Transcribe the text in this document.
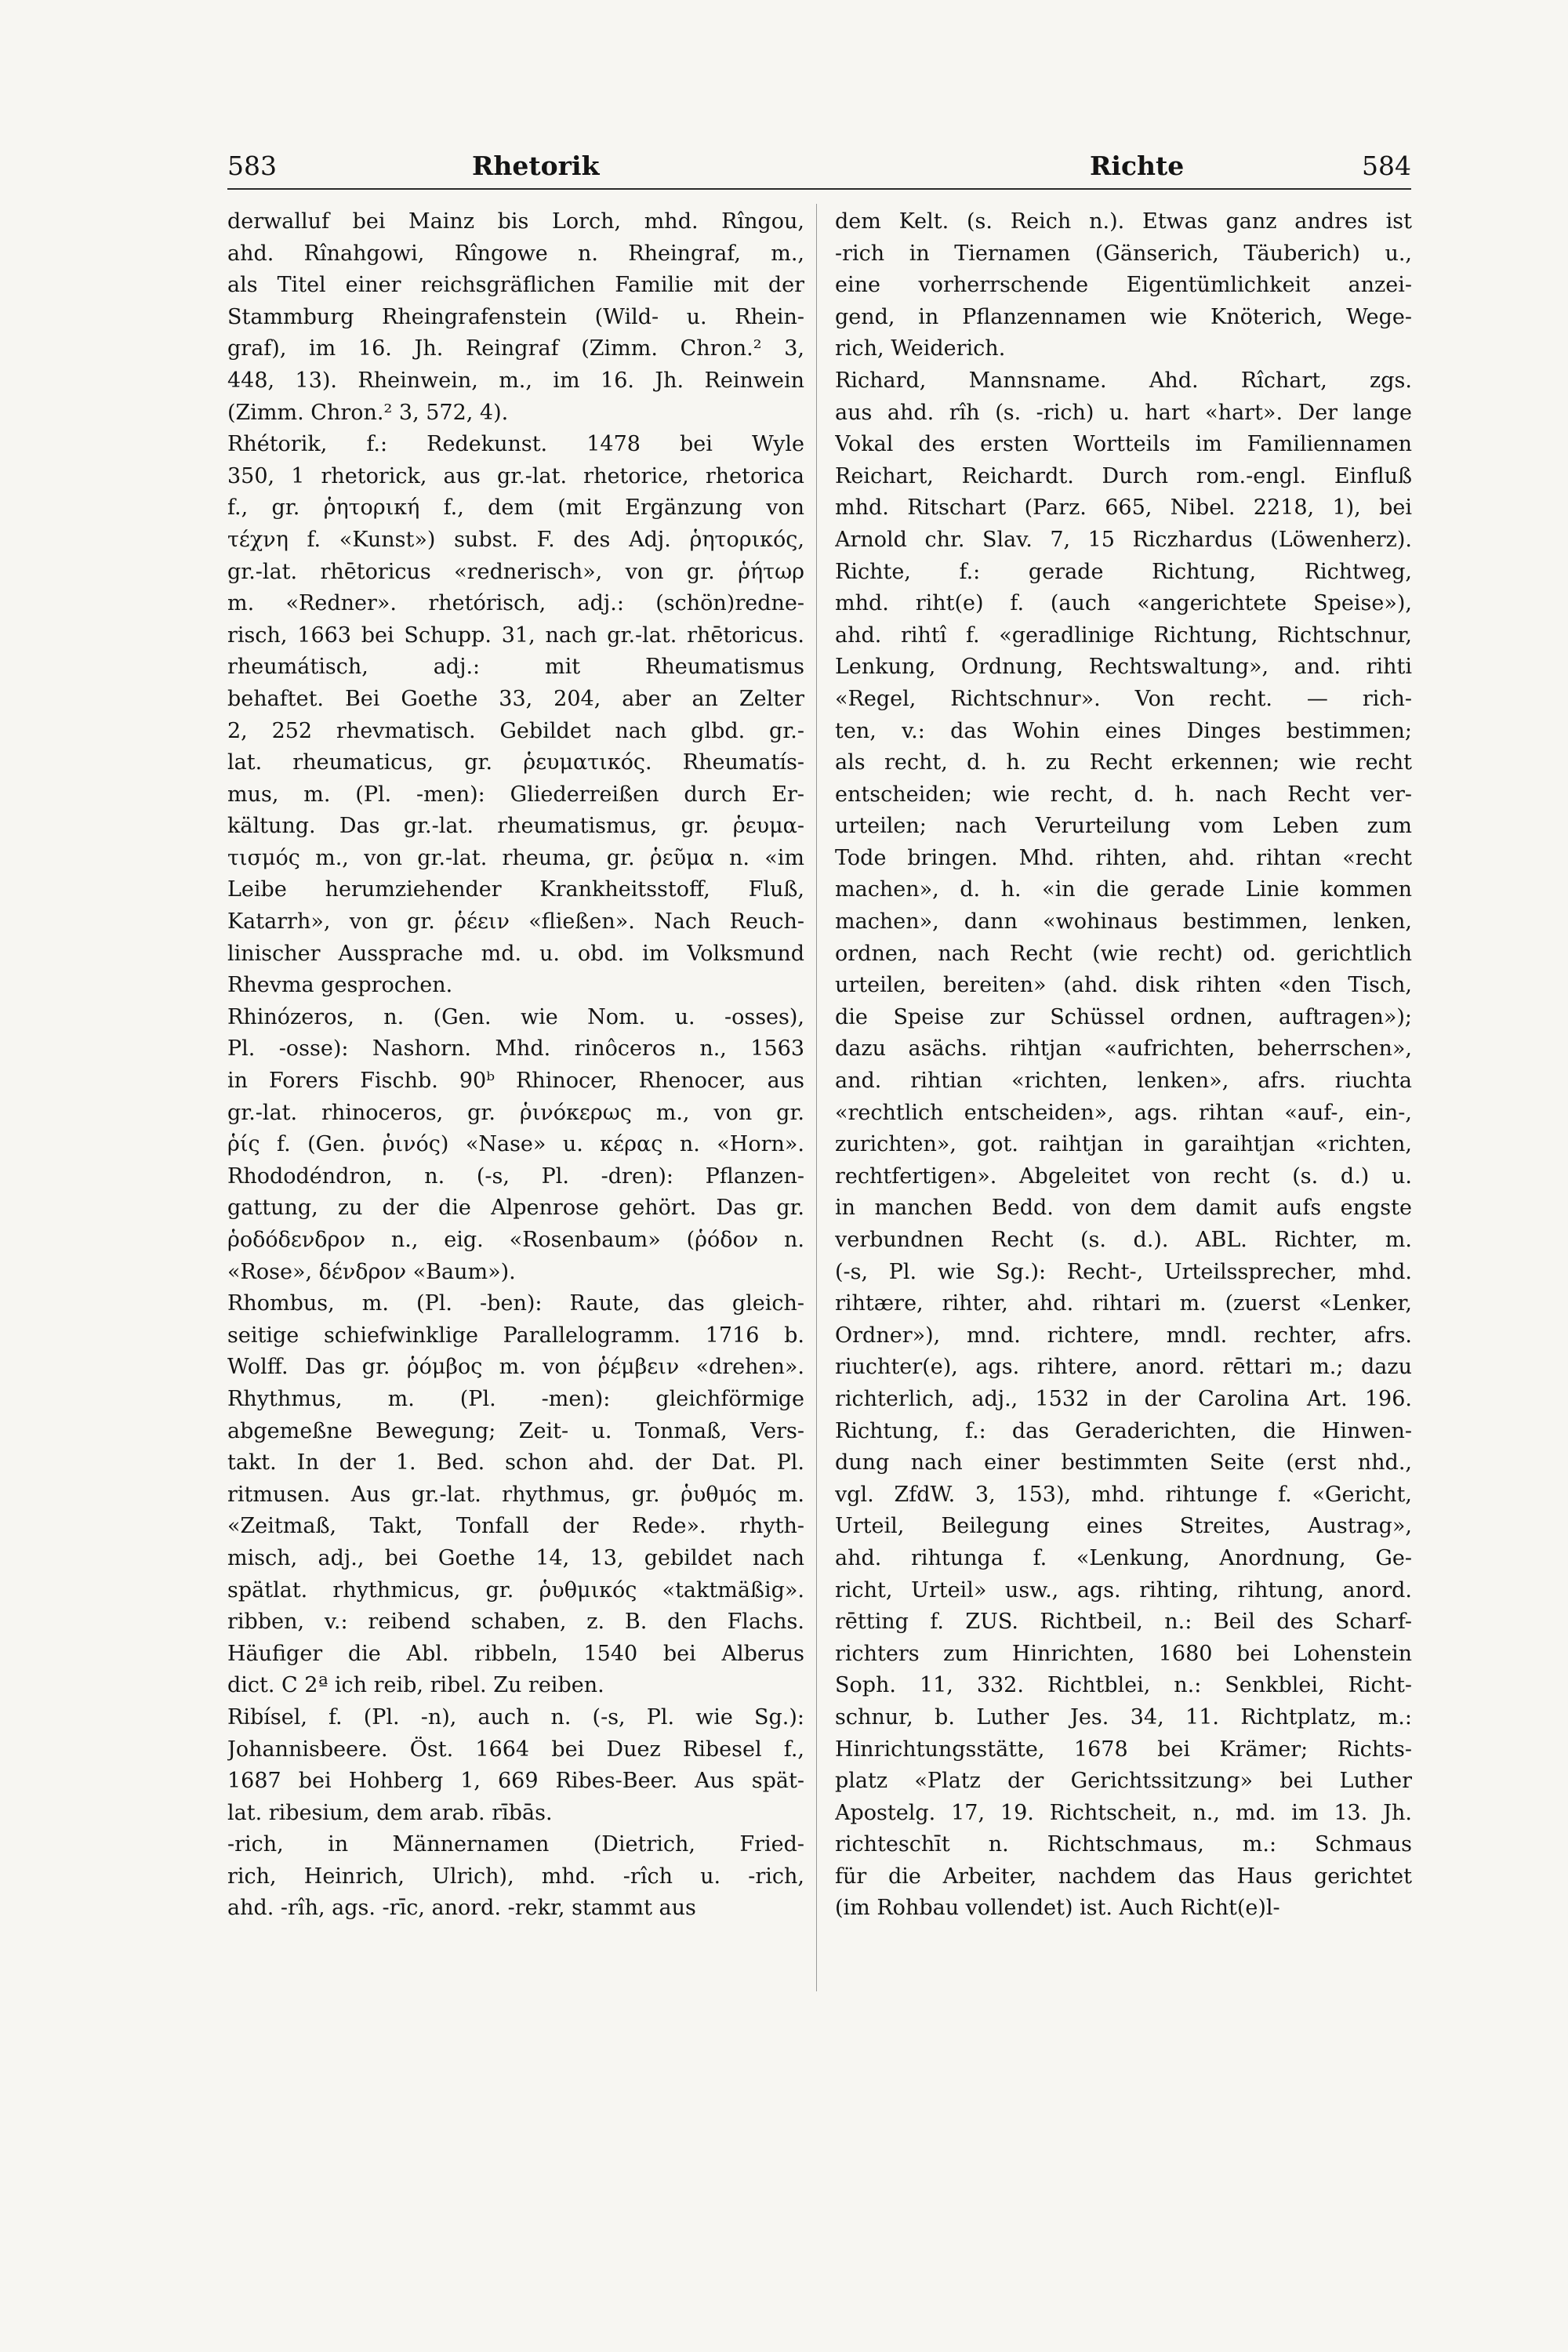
583	Rhetorik	Richte	584
derwalluf bei Mainz bis Lorch, mhd. Rîngou,
ahd. Rînahgowi, Rîngowe n. Rheingraf, m.,
als Titel einer reichsgräflichen Familie mit der
Stammburg Rheingrafenstein (Wild- u. Rhein-
graf), im 16. Jh. Reingraf (Zimm. Chron.² 3,
448, 13). Rheinwein, m., im 16. Jh. Reinwein
(Zimm. Chron.² 3, 572, 4).
Rhétorik, f.: Redekunst. 1478 bei Wyle
350, 1 rhetorick, aus gr.-lat. rhetorice, rhetorica
f., gr. ῥητορική f., dem (mit Ergänzung von
τέχνη f. «Kunst») subst. F. des Adj. ῥητορικός,
gr.-lat. rhētoricus «rednerisch», von gr. ῥήτωρ
m. «Redner». rhetórisch, adj.: (schön)redne-
risch, 1663 bei Schupp. 31, nach gr.-lat. rhētoricus.
rheumátisch, adj.: mit Rheumatismus
behaftet. Bei Goethe 33, 204, aber an Zelter
2, 252 rhevmatisch. Gebildet nach glbd. gr.-
lat. rheumaticus, gr. ῥευματικός. Rheumatís-
mus, m. (Pl. -men): Gliederreißen durch Er-
kältung. Das gr.-lat. rheumatismus, gr. ῥευμα-
τισμός m., von gr.-lat. rheuma, gr. ῥεῦμα n. «im
Leibe herumziehender Krankheitsstoff, Fluß,
Katarrh», von gr. ῥέειν «fließen». Nach Reuch-
linischer Aussprache md. u. obd. im Volksmund
Rhevma gesprochen.
Rhinózeros, n. (Gen. wie Nom. u. -osses),
Pl. -osse): Nashorn. Mhd. rinôceros n., 1563
in Forers Fischb. 90ᵇ Rhinocer, Rhenocer, aus
gr.-lat. rhinoceros, gr. ῥινόκερως m., von gr.
ῥίς f. (Gen. ῥινός) «Nase» u. κέρας n. «Horn».
Rhododéndron, n. (-s, Pl. -dren): Pflanzen-
gattung, zu der die Alpenrose gehört. Das gr.
ῥοδόδενδρον n., eig. «Rosenbaum» (ῥόδον n.
«Rose», δένδρον «Baum»).
Rhombus, m. (Pl. -ben): Raute, das gleich-
seitige schiefwinklige Parallelogramm. 1716 b.
Wolff. Das gr. ῥόμβος m. von ῥέμβειν «drehen».
Rhythmus, m. (Pl. -men): gleichförmige
abgemeßne Bewegung; Zeit- u. Tonmaß, Vers-
takt. In der 1. Bed. schon ahd. der Dat. Pl.
ritmusen. Aus gr.-lat. rhythmus, gr. ῥυθμός m.
«Zeitmaß, Takt, Tonfall der Rede». rhyth-
misch, adj., bei Goethe 14, 13, gebildet nach
spätlat. rhythmicus, gr. ῥυθμικός «taktmäßig».
ribben, v.: reibend schaben, z. B. den Flachs.
Häufiger die Abl. ribbeln, 1540 bei Alberus
dict. C 2ª ich reib, ribel. Zu reiben.
Ribísel, f. (Pl. -n), auch n. (-s, Pl. wie Sg.):
Johannisbeere. Öst. 1664 bei Duez Ribesel f.,
1687 bei Hohberg 1, 669 Ribes-Beer. Aus spät-
lat. ribesium, dem arab. rībās.
-rich, in Männernamen (Dietrich, Fried-
rich, Heinrich, Ulrich), mhd. -rîch u. -rich,
ahd. -rîh, ags. -rīc, anord. -rekr, stammt aus
dem Kelt. (s. Reich n.). Etwas ganz andres ist
-rich in Tiernamen (Gänserich, Täuberich) u.,
eine vorherrschende Eigentümlichkeit anzei-
gend, in Pflanzennamen wie Knöterich, Wege-
rich, Weiderich.
Richard, Mannsname. Ahd. Rîchart, zgs.
aus ahd. rîh (s. -rich) u. hart «hart». Der lange
Vokal des ersten Wortteils im Familiennamen
Reichart, Reichardt. Durch rom.-engl. Einfluß
mhd. Ritschart (Parz. 665, Nibel. 2218, 1), bei
Arnold chr. Slav. 7, 15 Riczhardus (Löwenherz).
Richte, f.: gerade Richtung, Richtweg,
mhd. riht(e) f. (auch «angerichtete Speise»),
ahd. rihtî f. «geradlinige Richtung, Richtschnur,
Lenkung, Ordnung, Rechtswaltung», and. rihti
«Regel, Richtschnur». Von recht. — rich-
ten, v.: das Wohin eines Dinges bestimmen;
als recht, d. h. zu Recht erkennen; wie recht
entscheiden; wie recht, d. h. nach Recht ver-
urteilen; nach Verurteilung vom Leben zum
Tode bringen. Mhd. rihten, ahd. rihtan «recht
machen», d. h. «in die gerade Linie kommen
machen», dann «wohinaus bestimmen, lenken,
ordnen, nach Recht (wie recht) od. gerichtlich
urteilen, bereiten» (ahd. disk rihten «den Tisch,
die Speise zur Schüssel ordnen, auftragen»);
dazu asächs. rihtjan «aufrichten, beherrschen»,
and. rihtian «richten, lenken», afrs. riuchta
«rechtlich entscheiden», ags. rihtan «auf-, ein-,
zurichten», got. raihtjan in garaihtjan «richten,
rechtfertigen». Abgeleitet von recht (s. d.) u.
in manchen Bedd. von dem damit aufs engste
verbundnen Recht (s. d.). ABL. Richter, m.
(-s, Pl. wie Sg.): Recht-, Urteilssprecher, mhd.
rihtære, rihter, ahd. rihtari m. (zuerst «Lenker,
Ordner»), mnd. richtere, mndl. rechter, afrs.
riuchter(e), ags. rihtere, anord. rēttari m.; dazu
richterlich, adj., 1532 in der Carolina Art. 196.
Richtung, f.: das Geraderichten, die Hinwen-
dung nach einer bestimmten Seite (erst nhd.,
vgl. ZfdW. 3, 153), mhd. rihtunge f. «Gericht,
Urteil, Beilegung eines Streites, Austrag»,
ahd. rihtunga f. «Lenkung, Anordnung, Ge-
richt, Urteil» usw., ags. rihting, rihtung, anord.
rētting f. ZUS. Richtbeil, n.: Beil des Scharf-
richters zum Hinrichten, 1680 bei Lohenstein
Soph. 11, 332. Richtblei, n.: Senkblei, Richt-
schnur, b. Luther Jes. 34, 11. Richtplatz, m.:
Hinrichtungsstätte, 1678 bei Krämer; Richts-
platz «Platz der Gerichtssitzung» bei Luther
Apostelg. 17, 19. Richtscheit, n., md. im 13. Jh.
richteschīt n. Richtschmaus, m.: Schmaus
für die Arbeiter, nachdem das Haus gerichtet
(im Rohbau vollendet) ist. Auch Richt(e)l-
